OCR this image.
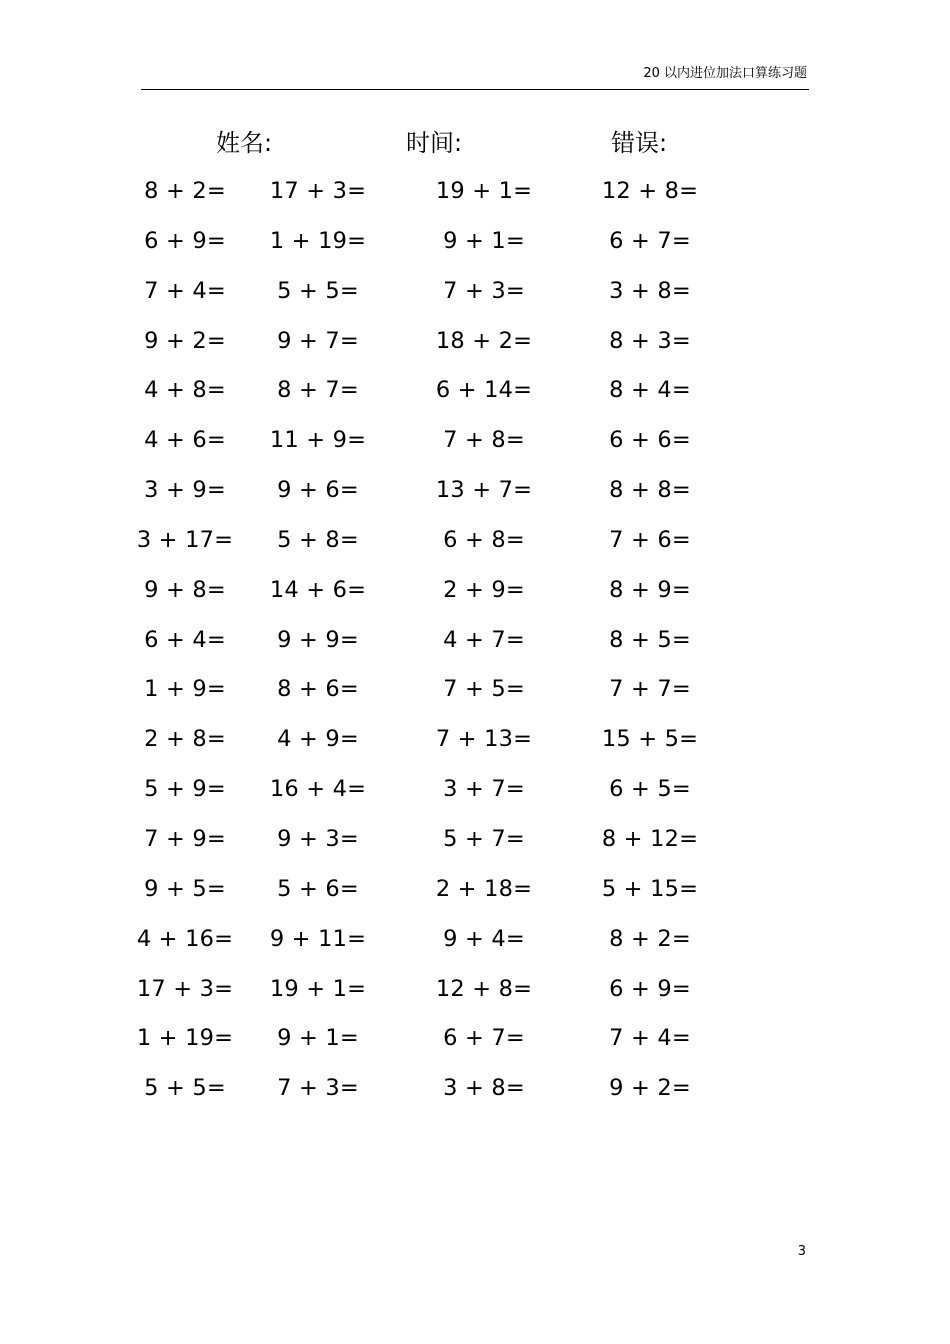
20 以内进位加法口算练习题
姓名:	时间:	错误:
8 + 2=	17 + 3=	19 + 1=	12 + 8=
6 + 9=	1 + 19=	9 + 1=	6 + 7=
7 + 4=	5 + 5=	7 + 3=	3 + 8=
9 + 2=	9 + 7=	18 + 2=	8 + 3=
4 + 8=	8 + 7=	6 + 14=	8 + 4=
4 + 6=	11 + 9=	7 + 8=	6 + 6=
3 + 9=	9 + 6=	13 + 7=	8 + 8=
3 + 17=	5 + 8=	6 + 8=	7 + 6=
9 + 8=	14 + 6=	2 + 9=	8 + 9=
6 + 4=	9 + 9=	4 + 7=	8 + 5=
1 + 9=	8 + 6=	7 + 5=	7 + 7=
2 + 8=	4 + 9=	7 + 13=	15 + 5=
5 + 9=	16 + 4=	3 + 7=	6 + 5=
7 + 9=	9 + 3=	5 + 7=	8 + 12=
9 + 5=	5 + 6=	2 + 18=	5 + 15=
4 + 16=	9 + 11=	9 + 4=	8 + 2=
17 + 3=	19 + 1=	12 + 8=	6 + 9=
1 + 19=	9 + 1=	6 + 7=	7 + 4=
5 + 5=	7 + 3=	3 + 8=	9 + 2=
3
